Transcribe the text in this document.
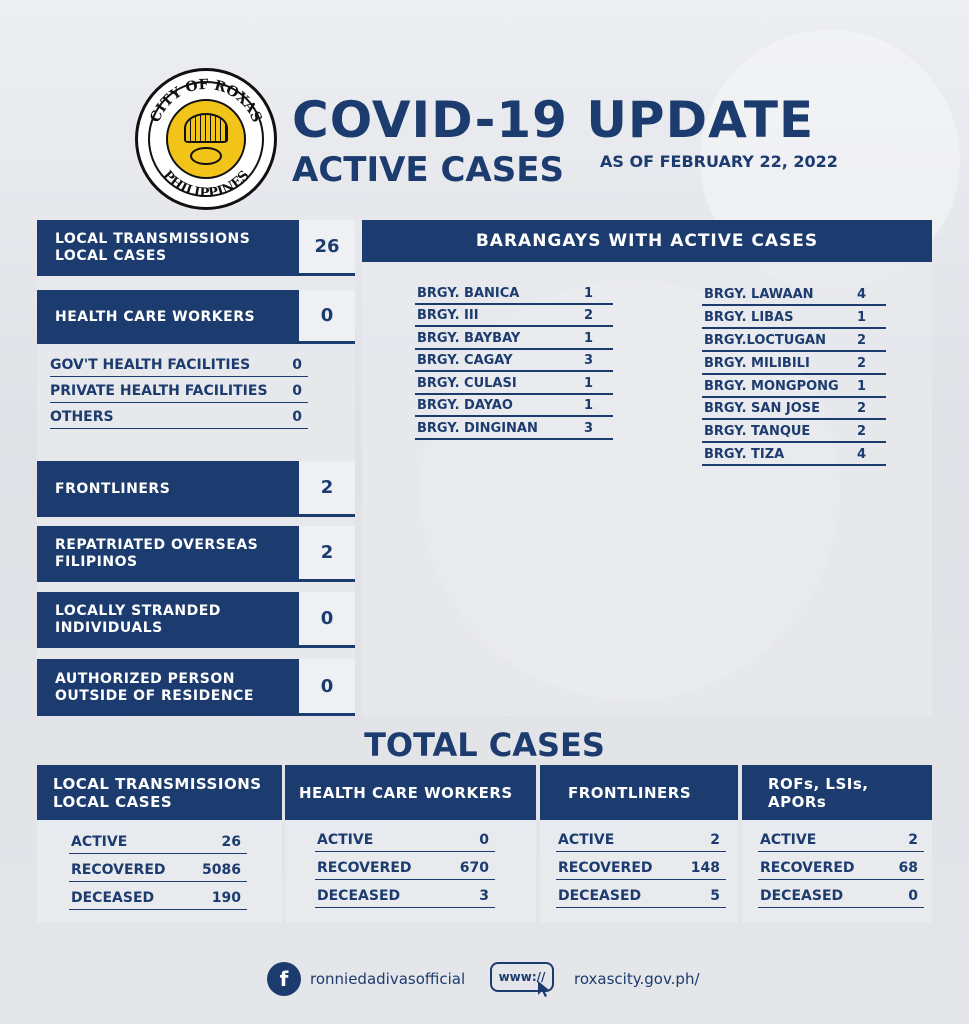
CITY OF ROXAS
PHILIPPINES
COVID-19 UPDATE
ACTIVE CASES AS OF FEBRUARY 22, 2022
LOCAL TRANSMISSIONS
LOCAL CASES	26
HEALTH CARE WORKERS	0
GOV'T HEALTH FACILITIES	0
PRIVATE HEALTH FACILITIES 0
OTHERS	0
FRONTLINERS	2
REPATRIATED OVERSEAS
FILIPINOS	2
LOCALLY STRANDED
INDIVIDUALS	0
AUTHORIZED PERSON
OUTSIDE OF RESIDENCE	0
BARANGAYS WITH ACTIVE CASES
BRGY. BANICA	1
BRGY. III	2
BRGY. BAYBAY	1
BRGY. CAGAY	3
BRGY. CULASI	1
BRGY. DAYAO	1
BRGY. DINGINAN	3
BRGY. LAWAAN	4
BRGY. LIBAS	1
BRGY.LOCTUGAN 2
BRGY. MILIBILI	2
BRGY. MONGPONG 1
BRGY. SAN JOSE	2
BRGY. TANQUE	2
BRGY. TIZA	4
TOTAL CASES
LOCAL TRANSMISSIONS
LOCAL CASES
ACTIVE	26
RECOVERED	5086
DECEASED	190
HEALTH CARE WORKERS
ACTIVE	0
RECOVERED	670
DECEASED	3
FRONTLINERS
ACTIVE	2
RECOVERED	148
DECEASED	5
ROFs, LSIs,
APORs
ACTIVE	2
RECOVERED	68
DECEASED	0
f	ronniedadivasofficial	www:// roxascity.gov.ph/
